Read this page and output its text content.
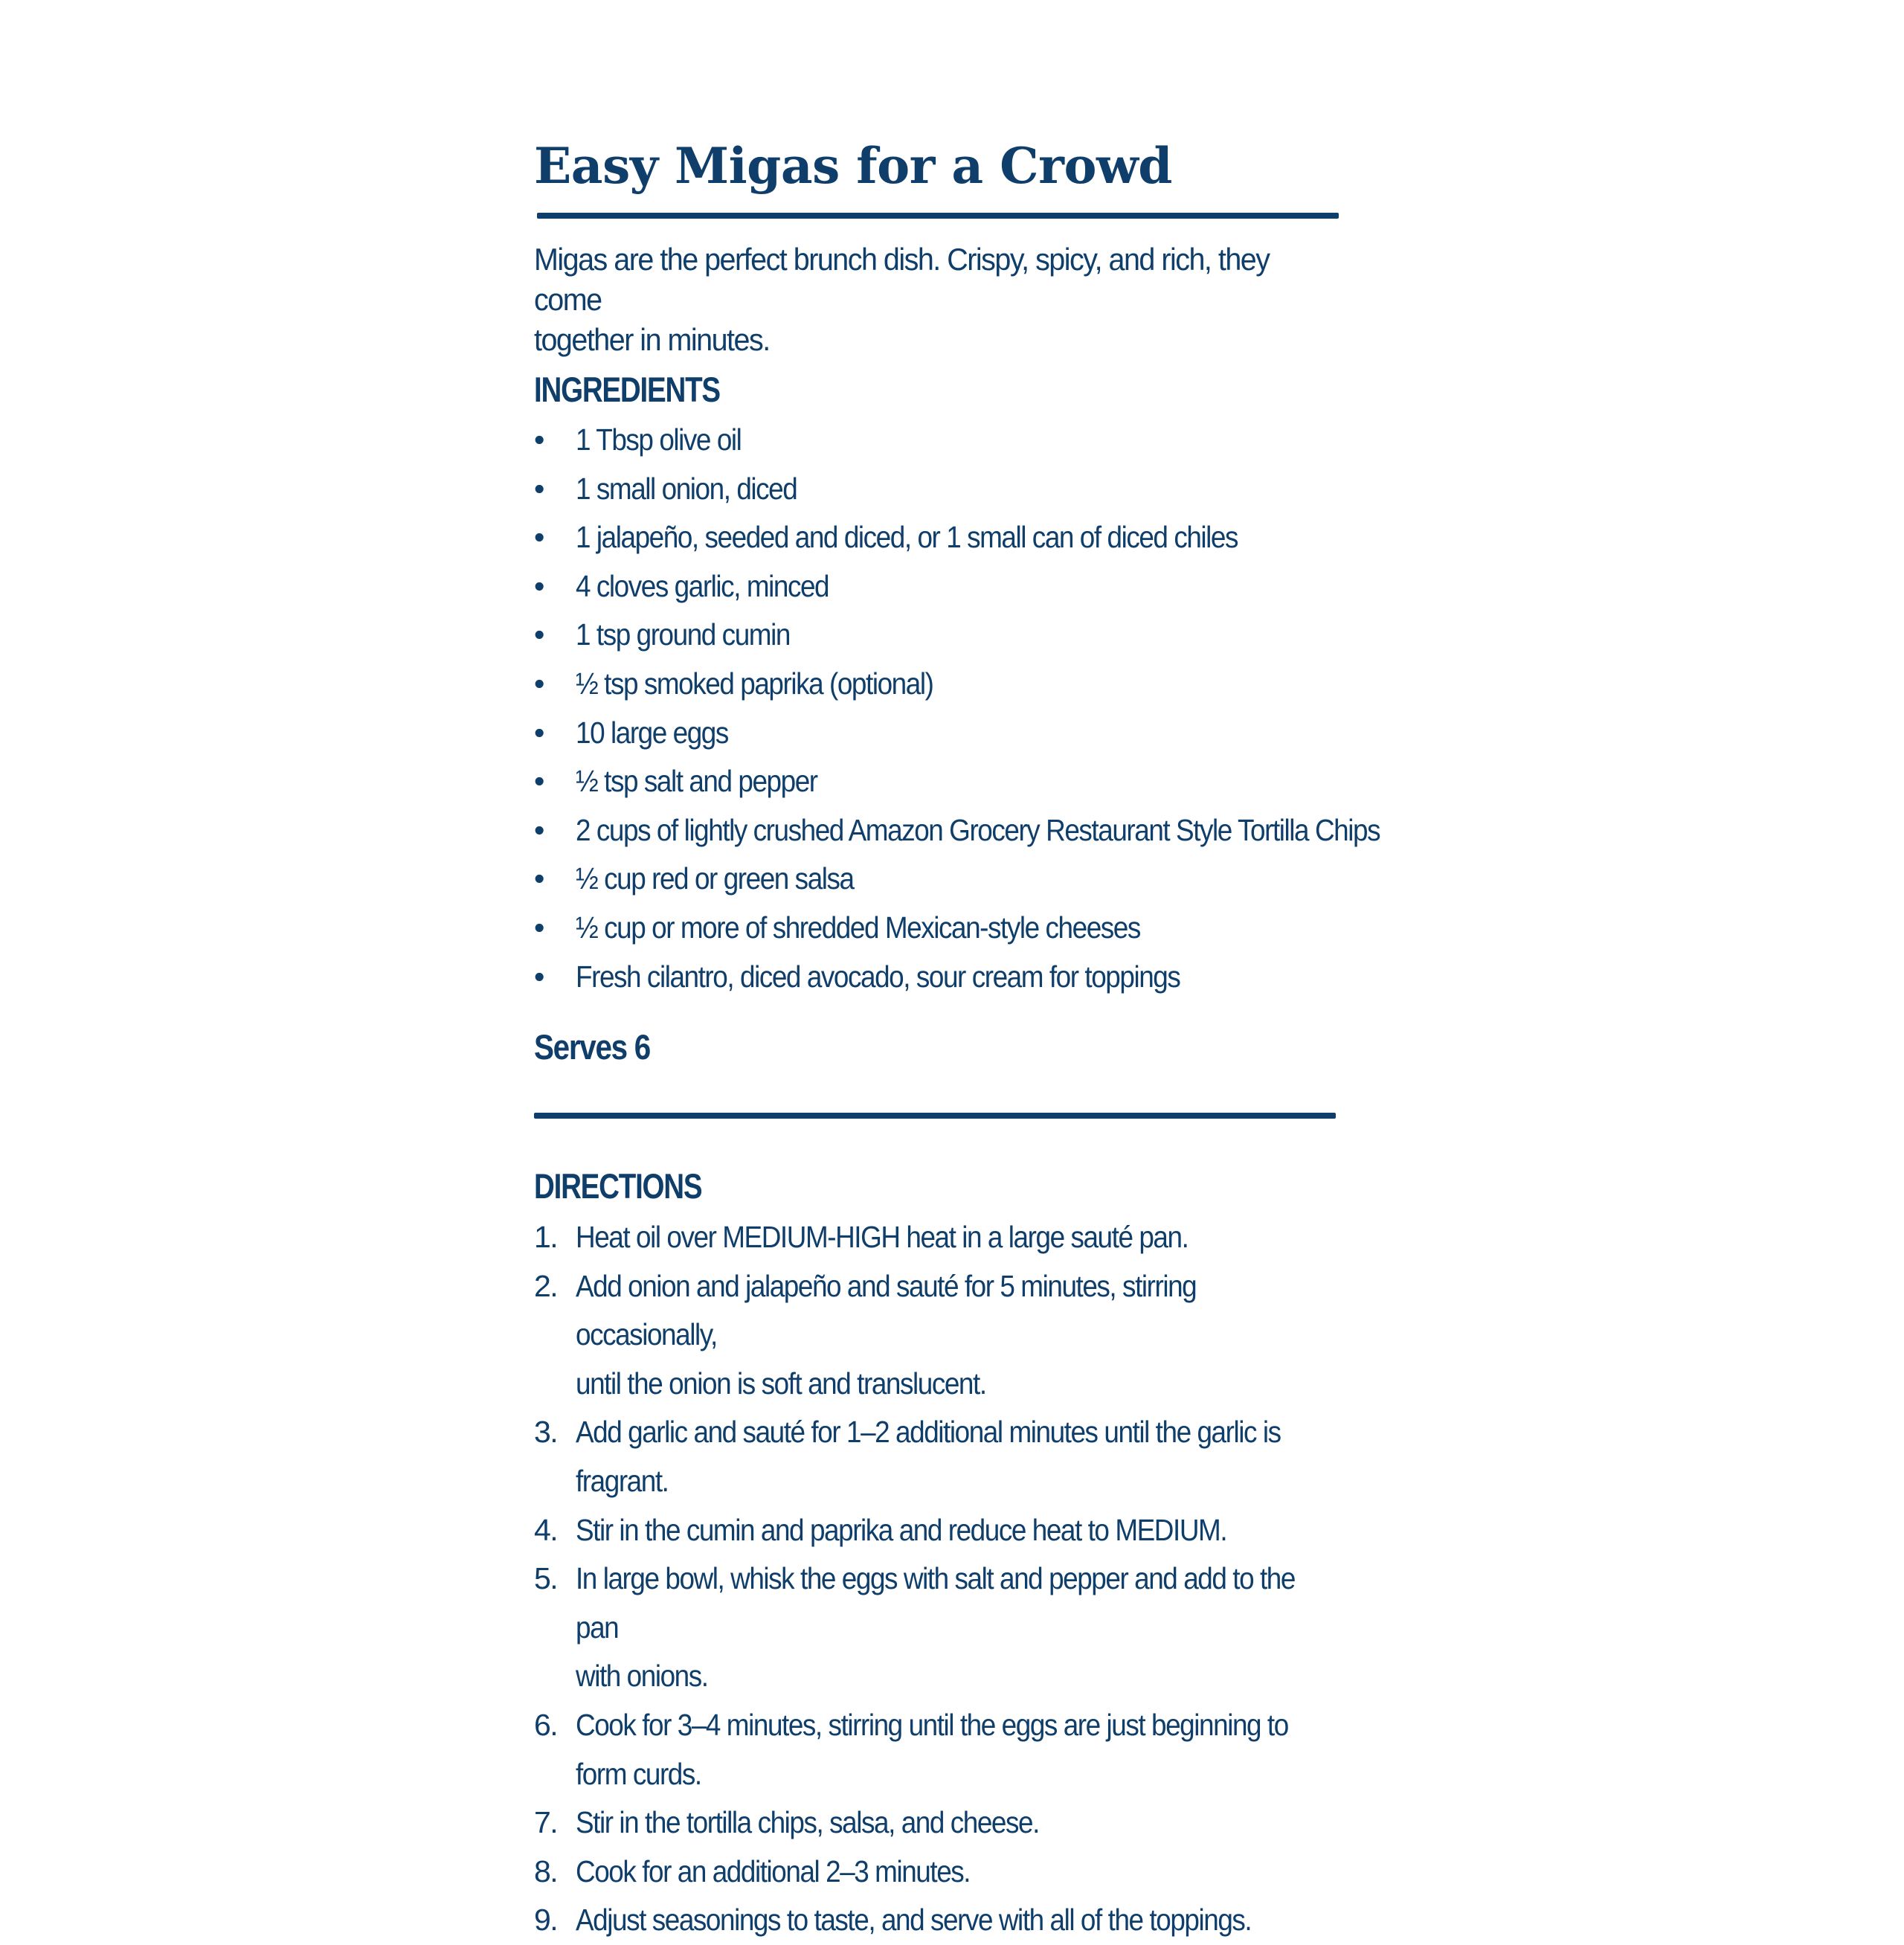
Easy Migas for a Crowd

Migas are the perfect brunch dish. Crispy, spicy, and rich, they come
together in minutes.

INGREDIENTS
•	1 Tbsp olive oil
•	1 small onion, diced
•	1 jalapeño, seeded and diced, or 1 small can of diced chiles
•	4 cloves garlic, minced
•	1 tsp ground cumin
•	½ tsp smoked paprika (optional)
•	10 large eggs
•	½ tsp salt and pepper
•	2 cups of lightly crushed Amazon Grocery Restaurant Style Tortilla Chips
•	½ cup red or green salsa
•	½ cup or more of shredded Mexican-style cheeses
•	Fresh cilantro, diced avocado, sour cream for toppings
Serves 6
DIRECTIONS
1. Heat oil over MEDIUM-HIGH heat in a large sauté pan.
2. Add onion and jalapeño and sauté for 5 minutes, stirring occasionally,
until the onion is soft and translucent.
3. Add garlic and sauté for 1–2 additional minutes until the garlic is fragrant.
4. Stir in the cumin and paprika and reduce heat to MEDIUM.
5. In large bowl, whisk the eggs with salt and pepper and add to the pan
with onions.
6. Cook for 3–4 minutes, stirring until the eggs are just beginning to
form curds.
7. Stir in the tortilla chips, salsa, and cheese.
8. Cook for an additional 2–3 minutes.
9. Adjust seasonings to taste, and serve with all of the toppings.
